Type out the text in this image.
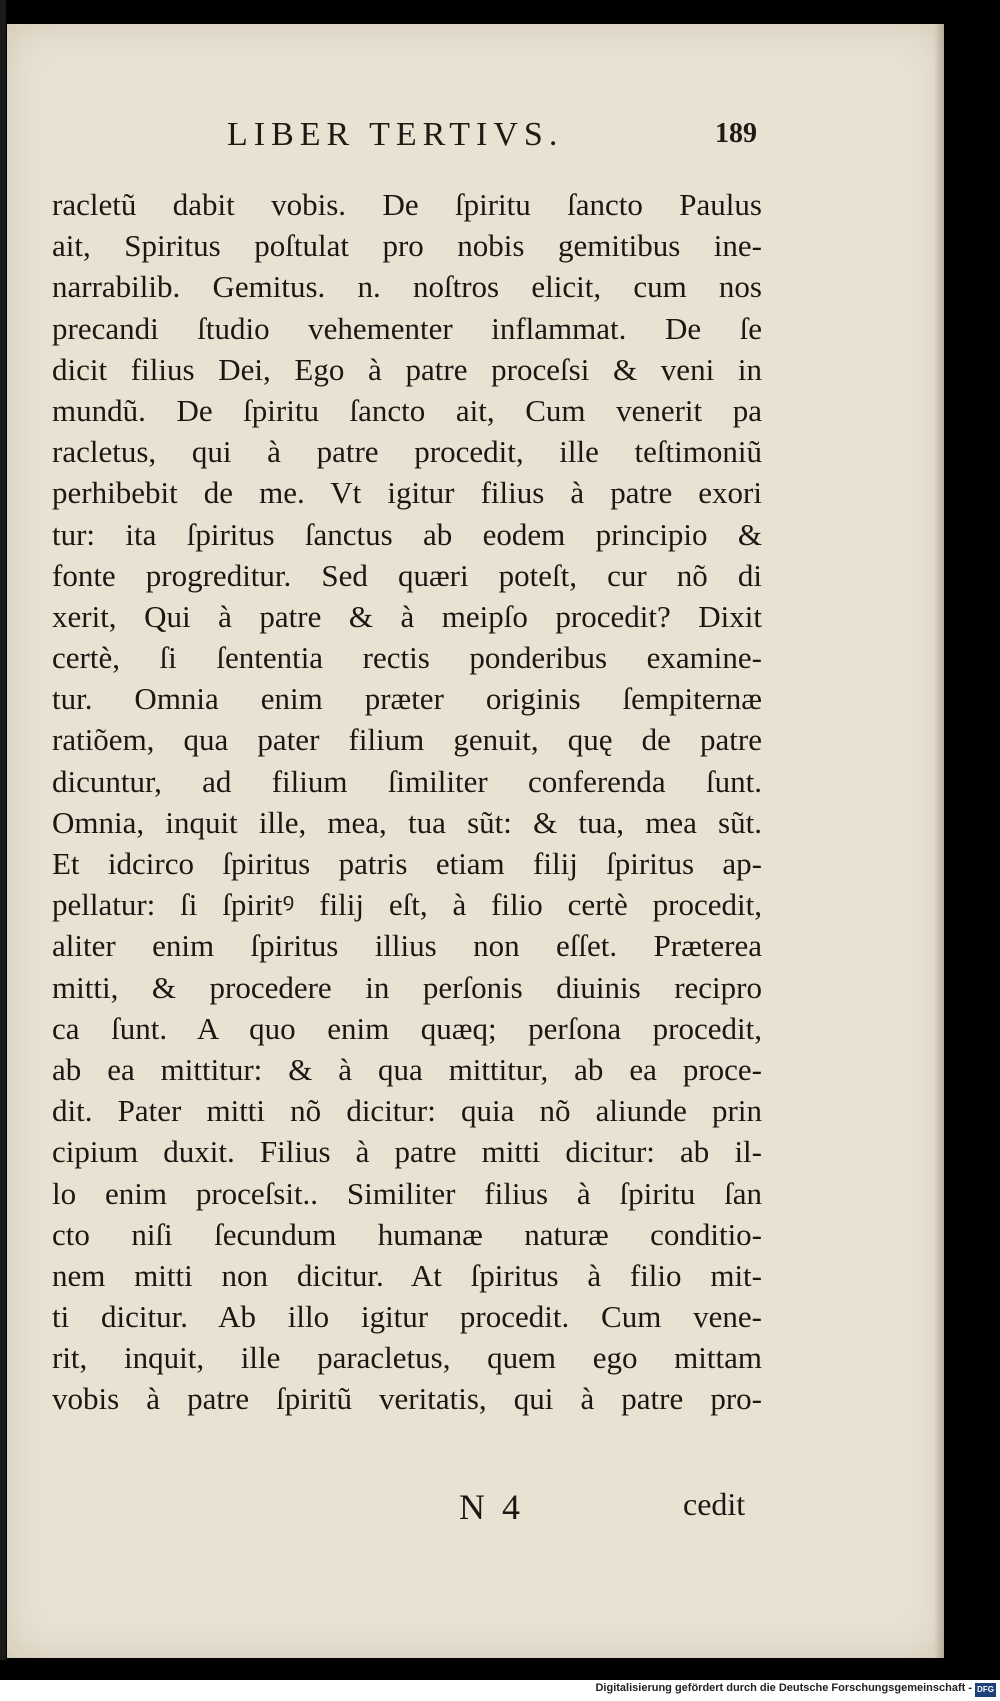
LIBER TERTIVS.	189
racletũ dabit vobis. De ſpiritu ſancto Paulus
ait, Spiritus poſtulat pro nobis gemitibus ine-
narrabilib. Gemitus. n. noſtros elicit, cum nos
precandi ſtudio vehementer inflammat. De ſe
dicit filius Dei, Ego à patre proceſsi & veni in
mundũ. De ſpiritu ſancto ait, Cum venerit pa
racletus, qui à patre procedit, ille teſtimoniũ
perhibebit de me. Vt igitur filius à patre exori
tur: ita ſpiritus ſanctus ab eodem principio &
fonte progreditur. Sed quæri poteſt, cur nõ di
xerit, Qui à patre & à meipſo procedit? Dixit
certè, ſi ſententia rectis ponderibus examine-
tur. Omnia enim præter originis ſempiternæ
ratiõem, qua pater filium genuit, quę de patre
dicuntur, ad filium ſimiliter conferenda ſunt.
Omnia, inquit ille, mea, tua sũt: & tua, mea sũt.
Et idcirco ſpiritus patris etiam filij ſpiritus ap-
pellatur: ſi ſpiritꝰ filij eſt, à filio certè procedit,
aliter enim ſpiritus illius non eſſet. Præterea
mitti, & procedere in perſonis diuinis recipro
ca ſunt. A quo enim quæq; perſona procedit,
ab ea mittitur: & à qua mittitur, ab ea proce-
dit. Pater mitti nõ dicitur: quia nõ aliunde prin
cipium duxit. Filius à patre mitti dicitur: ab il-
lo enim proceſsit.. Similiter filius à ſpiritu ſan
cto niſi ſecundum humanæ naturæ conditio-
nem mitti non dicitur. At ſpiritus à filio mit-
ti dicitur. Ab illo igitur procedit. Cum vene-
rit, inquit, ille paracletus, quem ego mittam
vobis à patre ſpiritũ veritatis, qui à patre pro-
N 4	cedit
Digitalisierung gefördert durch die Deutsche Forschungsgemeinschaft - DFG
